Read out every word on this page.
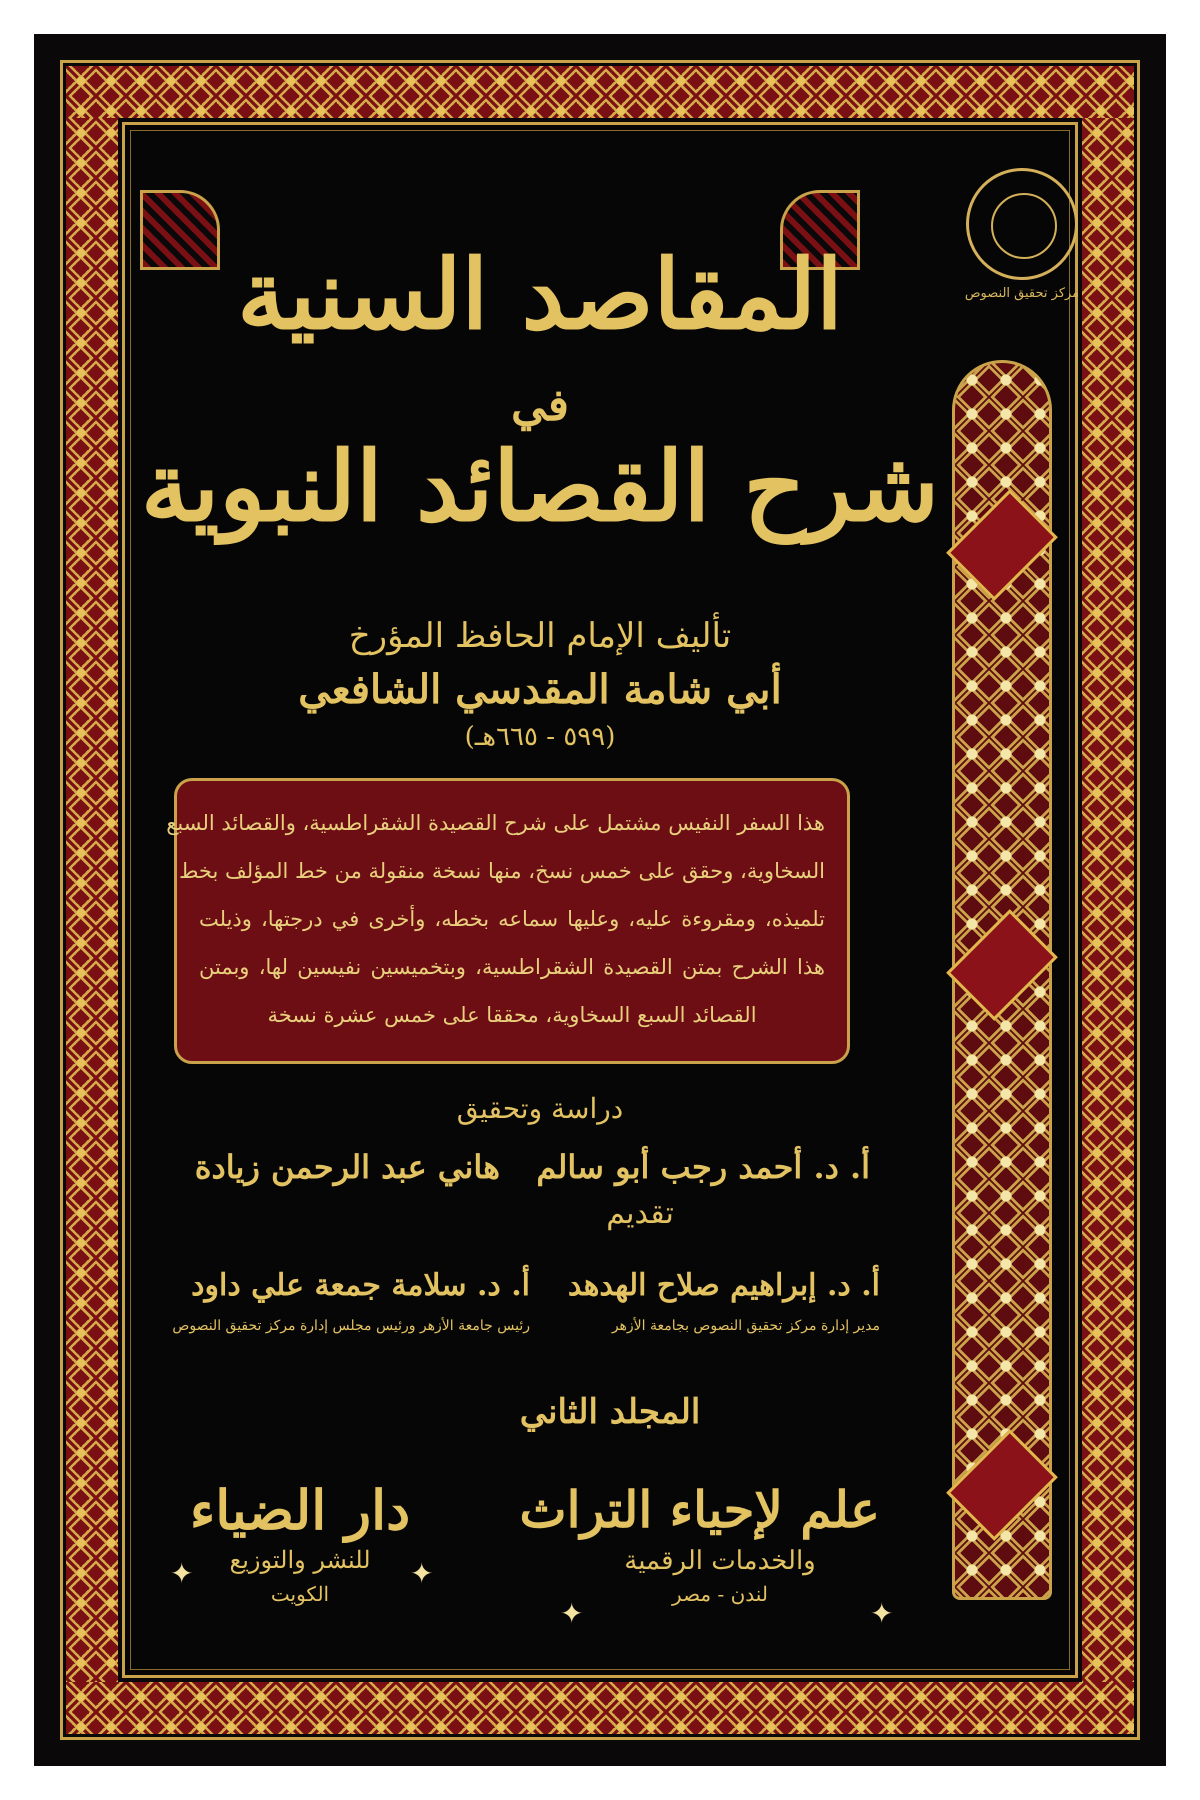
مركز تحقيق النصوص
المقاصد السنية
في
شرح القصائد النبوية
تأليف الإمام الحافظ المؤرخ
أبي شامة المقدسي الشافعي
(٥٩٩ - ٦٦٥هـ)
هذا السفر النفيس مشتمل على شرح القصيدة الشقراطسية، والقصائد السبع
السخاوية، وحقق على خمس نسخ، منها نسخة منقولة من خط المؤلف بخط
تلميذه، ومقروءة عليه، وعليها سماعه بخطه، وأخرى في درجتها، وذيلت
هذا الشرح بمتن القصيدة الشقراطسية، وبتخميسين نفيسين لها، وبمتن
القصائد السبع السخاوية، محققا على خمس عشرة نسخة
دراسة وتحقيق
أ. د. أحمد رجب أبو سالم
هاني عبد الرحمن زيادة
تقديم
أ. د. إبراهيم صلاح الهدهد
أ. د. سلامة جمعة علي داود
مدير إدارة مركز تحقيق النصوص بجامعة الأزهر
رئيس جامعة الأزهر ورئيس مجلس إدارة مركز تحقيق النصوص
المجلد الثاني
علم لإحياء التراث
والخدمات الرقمية
لندن - مصر
دار الضياء
للنشر والتوزيع
الكويت
✦	✦
✦	✦
